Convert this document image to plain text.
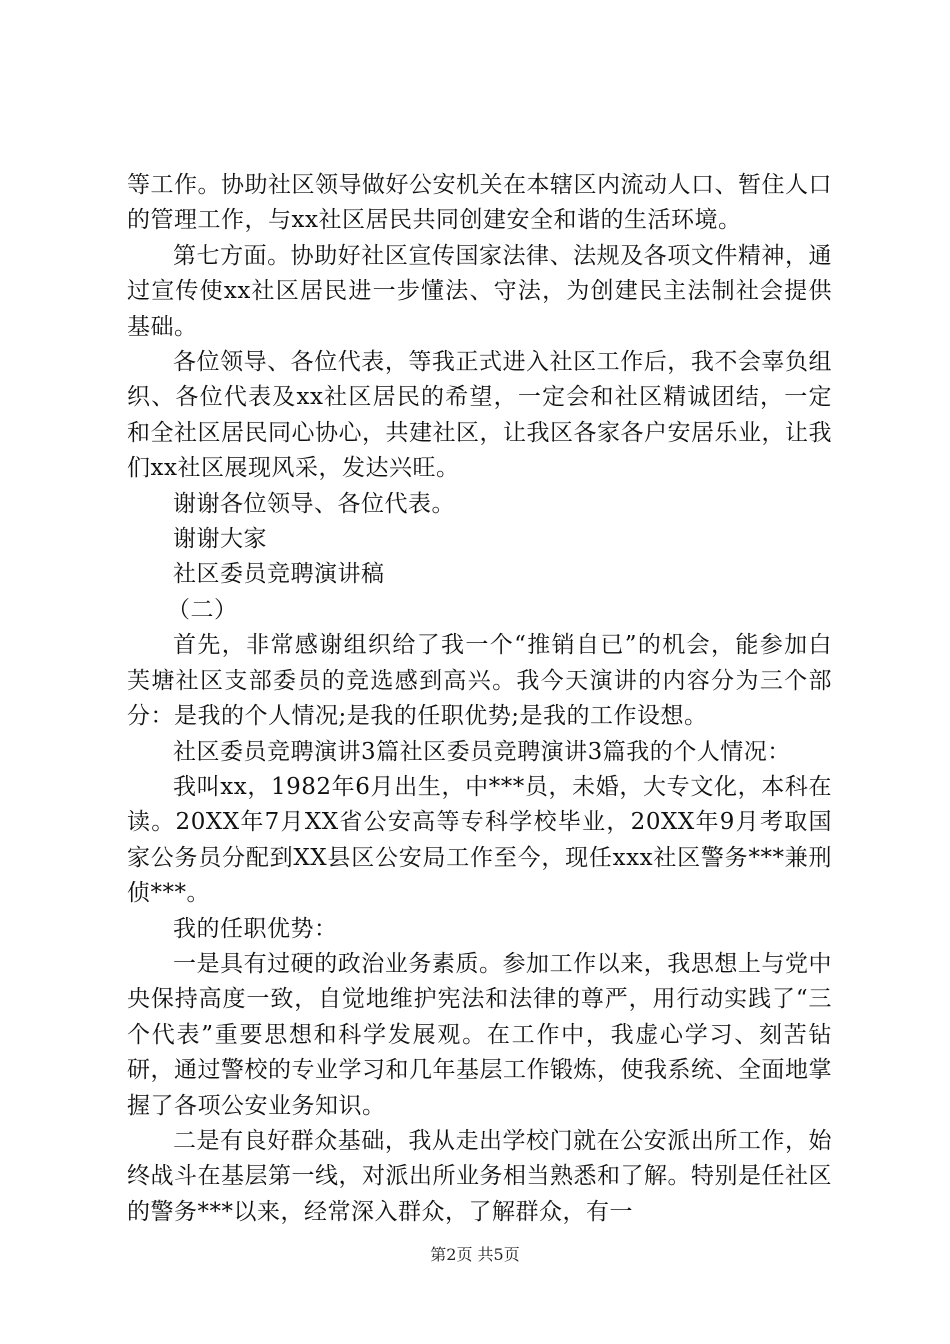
等工作。协助社区领导做好公安机关在本辖区内流动人口、暂住人口的管理工作，与xx社区居民共同创建安全和谐的生活环境。

第七方面。协助好社区宣传国家法律、法规及各项文件精神，通过宣传使xx社区居民进一步懂法、守法，为创建民主法制社会提供基础。

各位领导、各位代表，等我正式进入社区工作后，我不会辜负组织、各位代表及xx社区居民的希望，一定会和社区精诚团结，一定和全社区居民同心协心，共建社区，让我区各家各户安居乐业，让我们xx社区展现风采，发达兴旺。

谢谢各位领导、各位代表。

谢谢大家

社区委员竞聘演讲稿

（二）

首先，非常感谢组织给了我一个“推销自已”的机会，能参加白芙塘社区支部委员的竞选感到高兴。我今天演讲的内容分为三个部分：是我的个人情况;是我的任职优势;是我的工作设想。

社区委员竞聘演讲3篇社区委员竞聘演讲3篇我的个人情况：

我叫xx，1982年6月出生，中***员，未婚，大专文化，本科在读。20XX年7月XX省公安高等专科学校毕业，20XX年9月考取国家公务员分配到XX县区公安局工作至今，现任xxx社区警务***兼刑侦***。

我的任职优势：

一是具有过硬的政治业务素质。参加工作以来，我思想上与党中央保持高度一致，自觉地维护宪法和法律的尊严，用行动实践了“三个代表”重要思想和科学发展观。在工作中，我虚心学习、刻苦钻研，通过警校的专业学习和几年基层工作锻炼，使我系统、全面地掌握了各项公安业务知识。

二是有良好群众基础，我从走出学校门就在公安派出所工作，始终战斗在基层第一线，对派出所业务相当熟悉和了解。特别是任社区的警务***以来，经常深入群众，了解群众，有一

第2页 共5页
